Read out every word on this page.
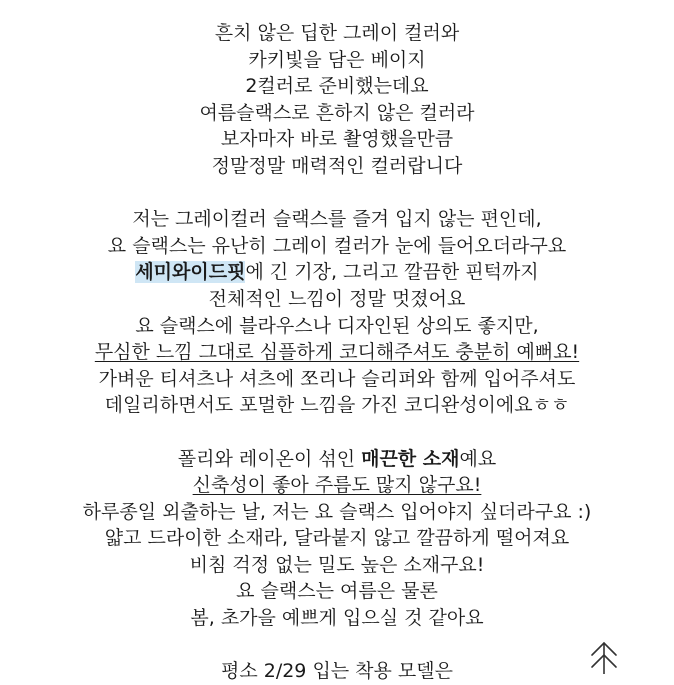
흔치 않은 딥한 그레이 컬러와
카키빛을 담은 베이지
2컬러로 준비했는데요
여름슬랙스로 흔하지 않은 컬러라
보자마자 바로 촬영했을만큼
정말정말 매력적인 컬러랍니다
저는 그레이컬러 슬랙스를 즐겨 입지 않는 편인데,
요 슬랙스는 유난히 그레이 컬러가 눈에 들어오더라구요
세미와이드핏에 긴 기장, 그리고 깔끔한 핀턱까지
전체적인 느낌이 정말 멋졌어요
요 슬랙스에 블라우스나 디자인된 상의도 좋지만,
무심한 느낌 그대로 심플하게 코디해주셔도 충분히 예뻐요!
가벼운 티셔츠나 셔츠에 쪼리나 슬리퍼와 함께 입어주셔도
데일리하면서도 포멀한 느낌을 가진 코디완성이에요ㅎㅎ
폴리와 레이온이 섞인 매끈한 소재예요
신축성이 좋아 주름도 많지 않구요!
하루종일 외출하는 날, 저는 요 슬랙스 입어야지 싶더라구요 :)
얇고 드라이한 소재라, 달라붙지 않고 깔끔하게 떨어져요
비침 걱정 없는 밀도 높은 소재구요!
요 슬랙스는 여름은 물론
봄, 초가을 예쁘게 입으실 것 같아요
평소 2/29 입는 착용 모델은
